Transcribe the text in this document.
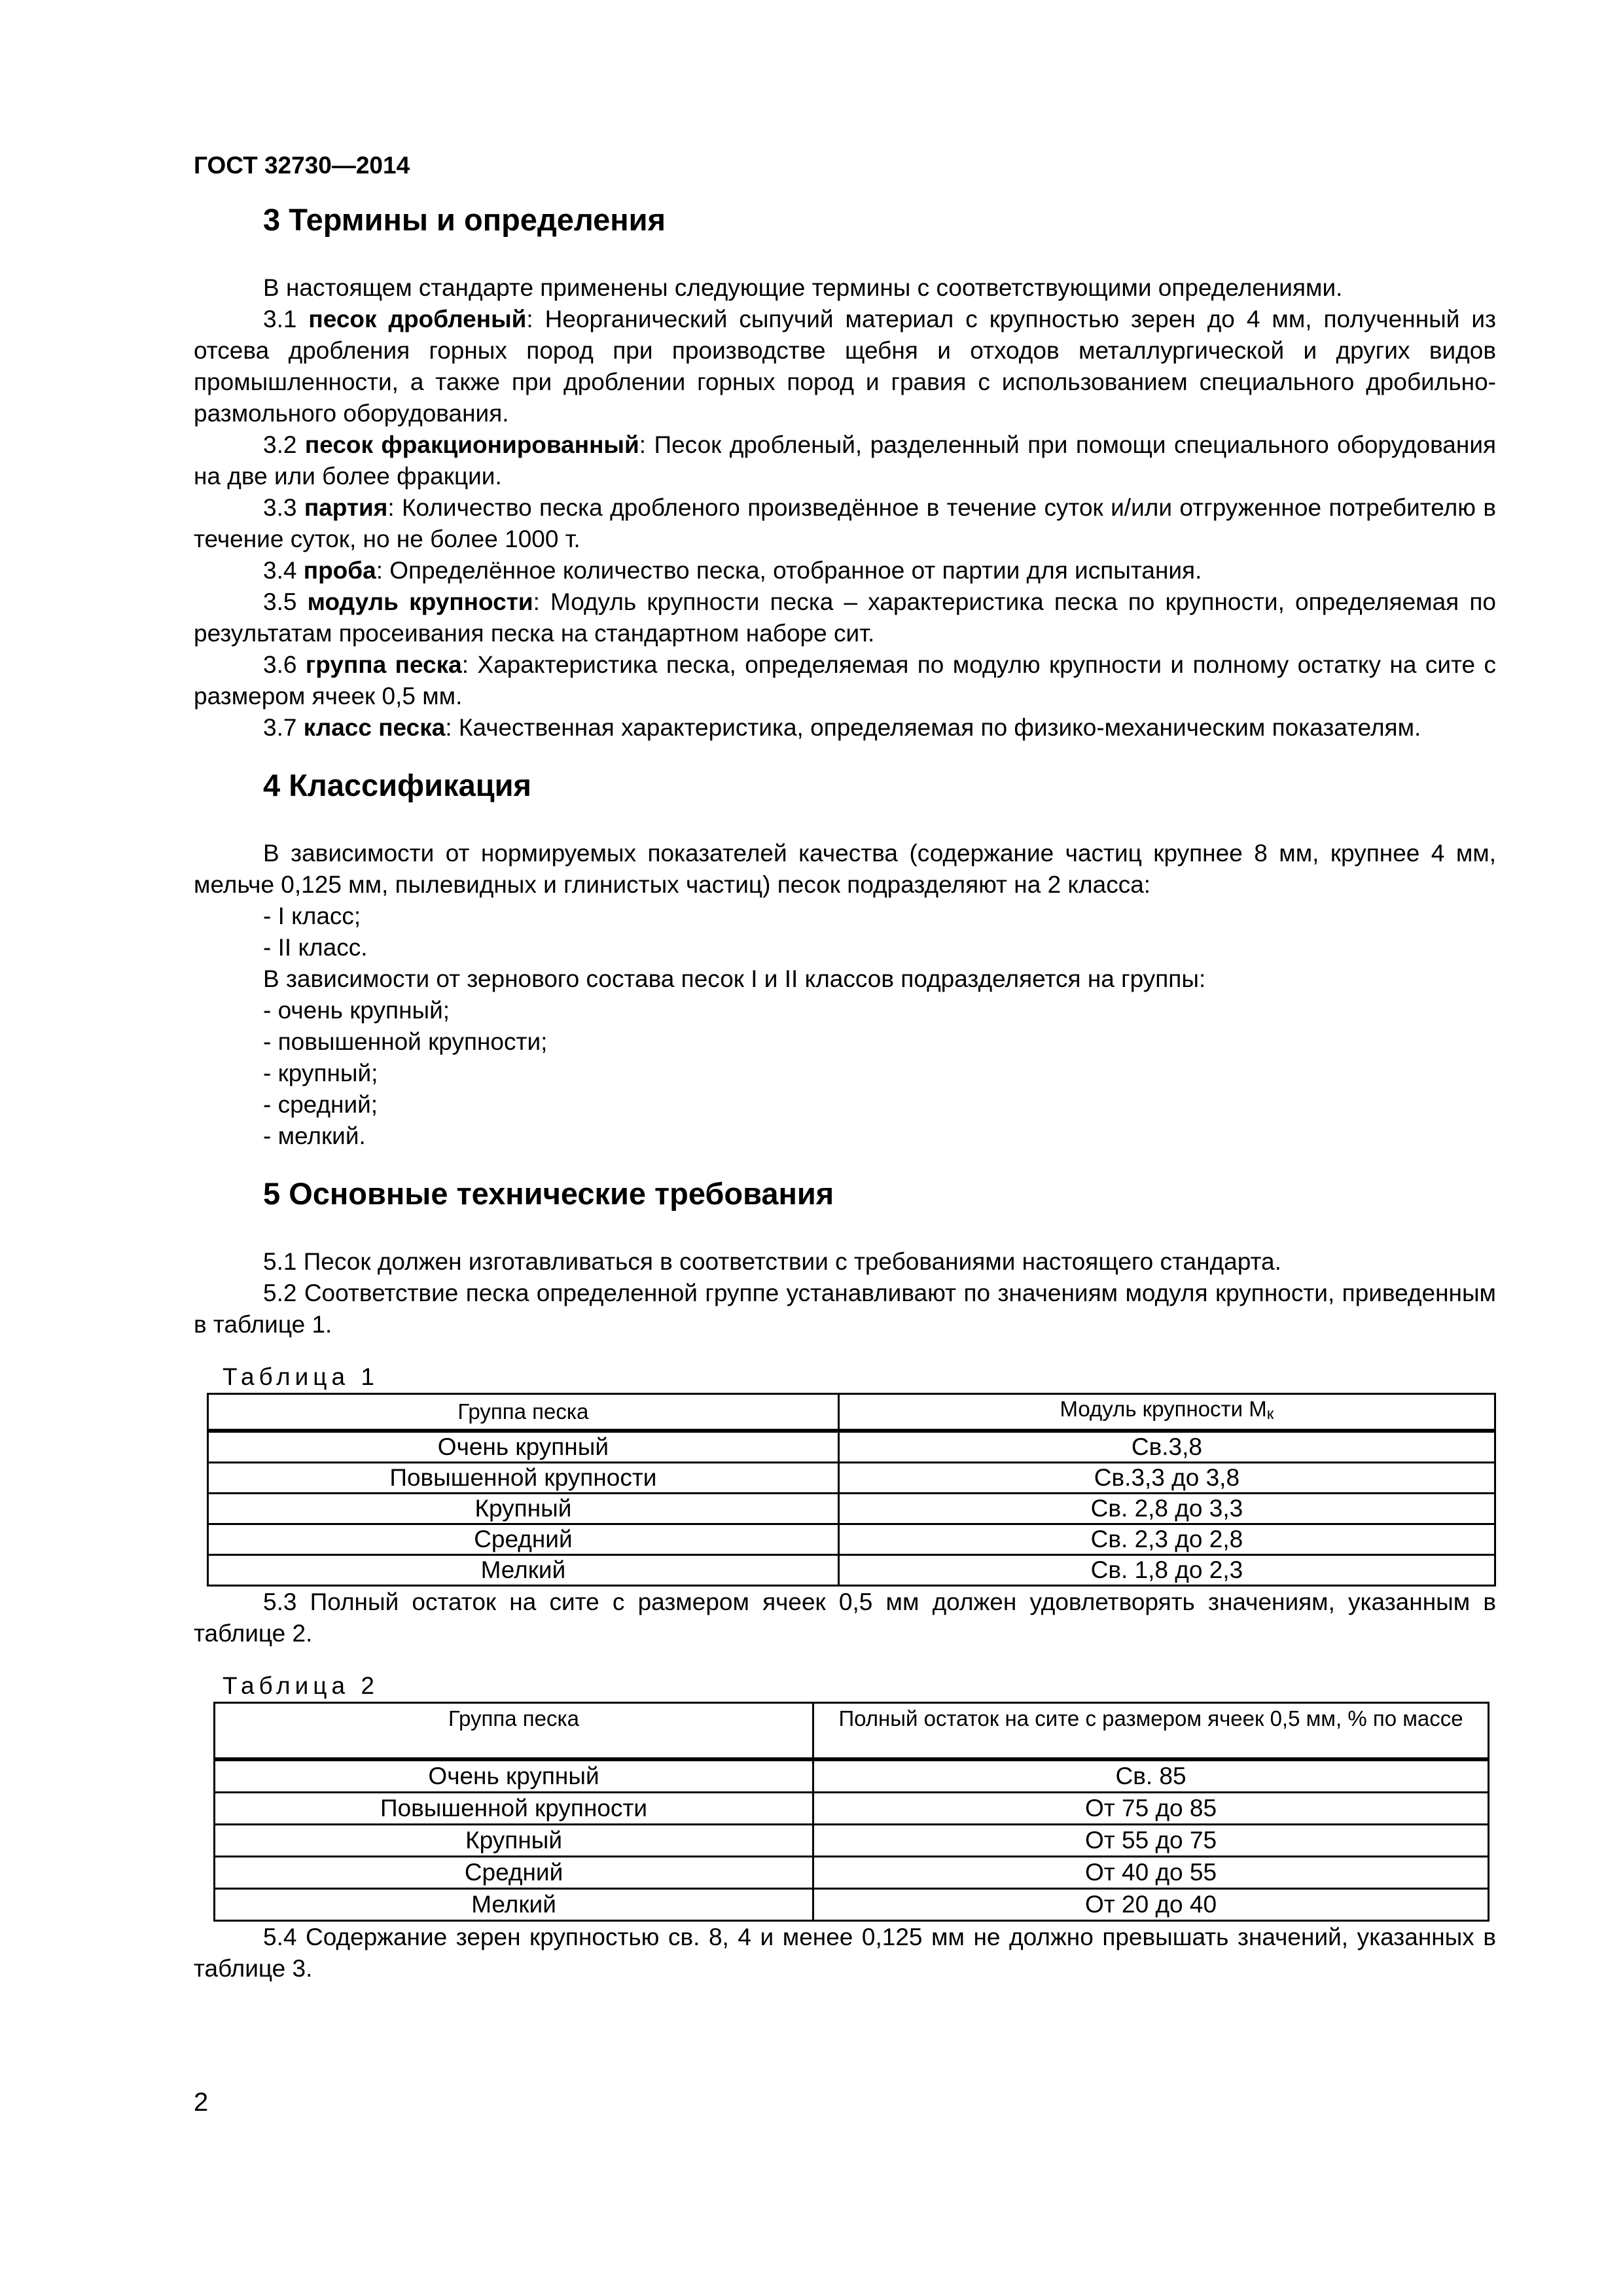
ГОСТ 32730—2014
3 Термины и определения

В настоящем стандарте применены следующие термины с соответствующими определениями.

3.1 песок дробленый: Неорганический сыпучий материал с крупностью зерен до 4 мм, полученный из отсева дробления горных пород при производстве щебня и отходов металлургической и других видов промышленности, а также при дроблении горных пород и гравия с использованием специального дробильно-размольного оборудования.

3.2 песок фракционированный: Песок дробленый, разделенный при помощи специального оборудования на две или более фракции.

3.3 партия: Количество песка дробленого произведённое в течение суток и/или отгруженное потребителю в течение суток, но не более 1000 т.

3.4 проба: Определённое количество песка, отобранное от партии для испытания.

3.5 модуль крупности: Модуль крупности песка – характеристика песка по крупности, определяемая по результатам просеивания песка на стандартном наборе сит.

3.6 группа песка: Характеристика песка, определяемая по модулю крупности и полному остатку на сите с размером ячеек 0,5 мм.

3.7 класс песка: Качественная характеристика, определяемая по физико-механическим показателям.

4 Классификация

В зависимости от нормируемых показателей качества (содержание частиц крупнее 8 мм, крупнее 4 мм, мельче 0,125 мм, пылевидных и глинистых частиц) песок подразделяют на 2 класса:

- I класс;

- II класс.

В зависимости от зернового состава песок I и II классов подразделяется на группы:

- очень крупный;

- повышенной крупности;

- крупный;

- средний;

- мелкий.

5 Основные технические требования

5.1 Песок должен изготавливаться в соответствии с требованиями настоящего стандарта.

5.2 Соответствие песка определенной группе устанавливают по значениям модуля крупности, приведенным в таблице 1.

Таблица 1

Группа песка	Модуль крупности $М_к$
Очень крупный	Св.3,8
Повышенной крупности	Св.3,3 до 3,8
Крупный	Св. 2,8 до 3,3
Средний	Св. 2,3 до 2,8
Мелкий	Св. 1,8 до 2,3

5.3 Полный остаток на сите с размером ячеек 0,5 мм должен удовлетворять значениям, указанным в таблице 2.

Таблица 2

Группа песка	Полный остаток на сите с размером ячеек 0,5 мм, % по массе
Очень крупный	Св. 85
Повышенной крупности	От 75 до 85
Крупный	От 55 до 75
Средний	От 40 до 55
Мелкий	От 20 до 40

5.4 Содержание зерен крупностью св. 8, 4 и менее 0,125 мм не должно превышать значений, указанных в таблице 3.

2
